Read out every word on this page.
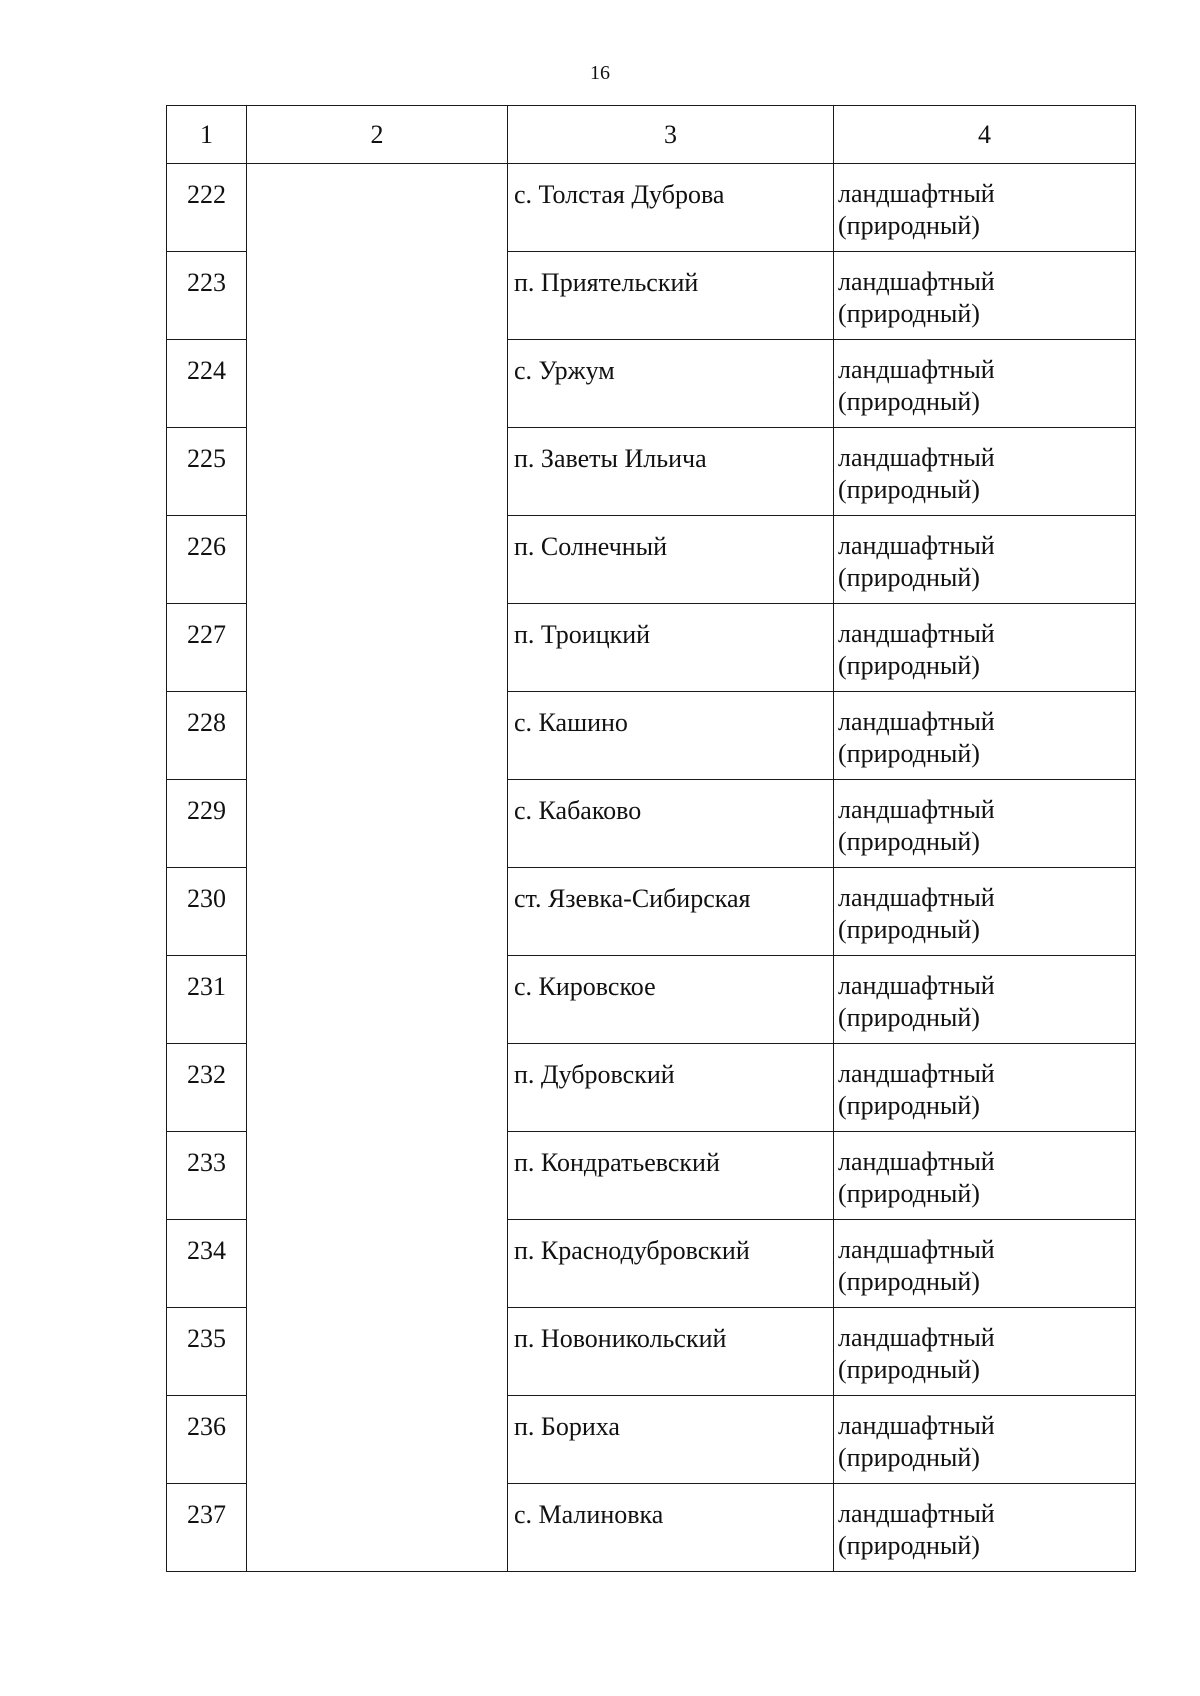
16
1	2	3	4
222		с. Толстая Дуброва	ландшафтный
(природный)

223		п. Приятельский	ландшафтный
(природный)

224		с. Уржум	ландшафтный
(природный)

225		п. Заветы Ильича	ландшафтный
(природный)

226		п. Солнечный	ландшафтный
(природный)

227		п. Троицкий	ландшафтный
(природный)

228		с. Кашино	ландшафтный
(природный)

229		с. Кабаково	ландшафтный
(природный)

230		ст. Язевка-Сибирская	ландшафтный
(природный)

231		с. Кировское	ландшафтный
(природный)

232		п. Дубровский	ландшафтный
(природный)

233		п. Кондратьевский	ландшафтный
(природный)

234		п. Краснодубровский	ландшафтный
(природный)

235		п. Новоникольский	ландшафтный
(природный)

236		п. Бориха	ландшафтный
(природный)

237		с. Малиновка	ландшафтный
(природный)
